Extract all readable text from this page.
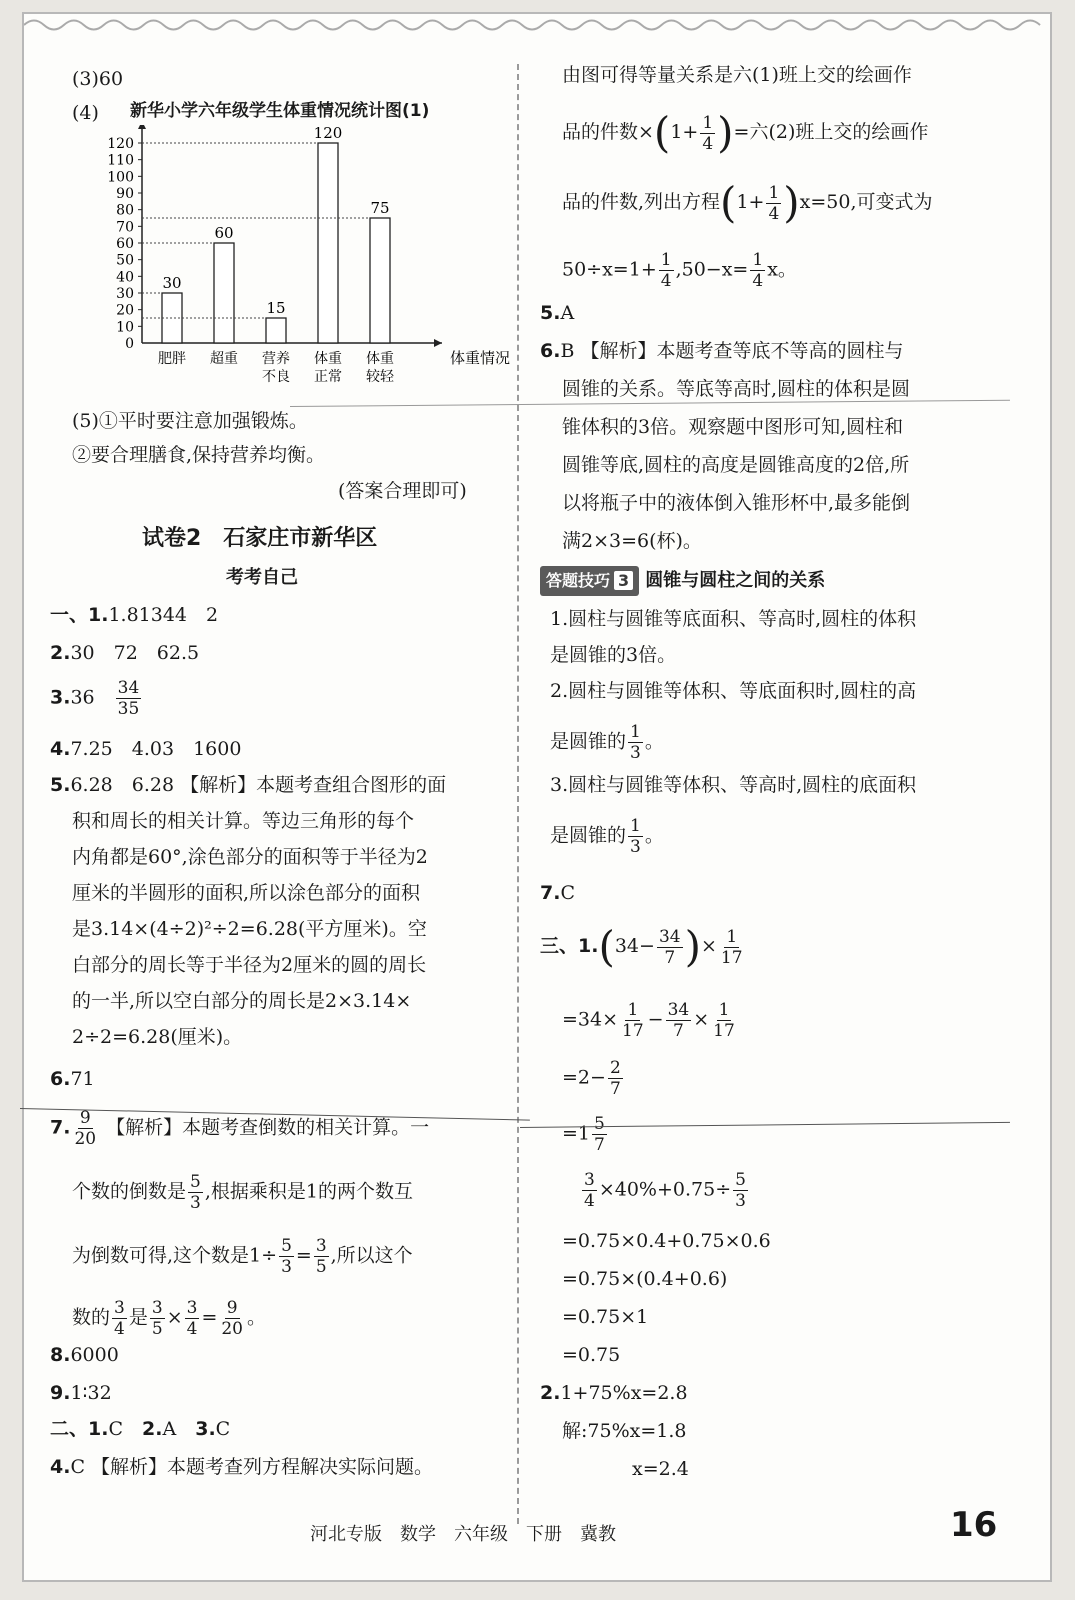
(3)60
(4)
体重情况
0
10
20
30
40
50
60
70
80
90
100
110
120
30
肥胖
60
超重
15
营养
不良
120
体重
正常
75
体重
较轻
新华小学六年级学生体重情况统计图(1)
(5)①平时要注意加强锻炼。
②要合理膳食,保持营养均衡。
(答案合理即可)
试卷2　石家庄市新华区
考考自己
一、1.1.81344　2
2.30　72　62.5
3.36　 $\frac{34}{35}$
4.7.25　4.03　1600
5.6.28　6.28 【解析】本题考查组合图形的面
积和周长的相关计算。等边三角形的每个
内角都是60°,涂色部分的面积等于半径为2
厘米的半圆形的面积,所以涂色部分的面积
是3.14×(4÷2)²÷2=6.28(平方厘米)。空
白部分的周长等于半径为2厘米的圆的周长
的一半,所以空白部分的周长是2×3.14×
2÷2=6.28(厘米)。
6.71
7. $\frac{9}{20}$ 【解析】本题考查倒数的相关计算。一
个数的倒数是 $\frac{5}{3}$ ,根据乘积是1的两个数互
为倒数可得,这个数是$1\div \frac{5}{3} = \frac{3}{5}$ ,所以这个
数的 $\frac{3}{4}$ 是 $\frac{3}{5} \times \frac{3}{4} = \frac{9}{20}$ 。
8.6000
9.1∶32
二、1.C　 2.A　 3.C
4.C 【解析】本题考查列方程解决实际问题。
由图可得等量关系是六(1)班上交的绘画作
品的件数$\times(1+ \frac{1}{4}$ )=六(2)班上交的绘画作
品的件数,列出方程$(1+ \frac{1}{4} )x=50$,可变式为
$50\div x=1+ \frac{1}{4} ,50-x= \frac{1}{4}$ x。
5.A
6.B 【解析】本题考查等底不等高的圆柱与
圆锥的关系。等底等高时,圆柱的体积是圆
锥体积的3倍。观察题中图形可知,圆柱和
圆锥等底,圆柱的高度是圆锥高度的2倍,所
以将瓶子中的液体倒入锥形杯中,最多能倒
满2×3=6(杯)。
答题技巧 3 圆锥与圆柱之间的关系
1.圆柱与圆锥等底面积、等高时,圆柱的体积
是圆锥的3倍。
2.圆柱与圆锥等体积、等底面积时,圆柱的高
是圆锥的 $\frac{1}{3}$ 。
3.圆柱与圆锥等体积、等高时,圆柱的底面积
是圆锥的 $\frac{1}{3}$ 。
7.C
三、$1.(34- \frac{34}{7}$ )× $\frac{1}{17}$
$=34\times \frac{1}{17} - \frac{34}{7} \times \frac{1}{17}$
$=2- \frac{2}{7}$
$=1 \frac{5}{7}$
$\frac{3}{4} \times 40\%+0.75\div \frac{5}{3}$
=0.75×0.4+0.75×0.6
=0.75×(0.4+0.6)
=0.75×1
=0.75
2.1+75%x=2.8
解:75%x=1.8
x=2.4
河北专版　数学　六年级　下册　冀教	16
